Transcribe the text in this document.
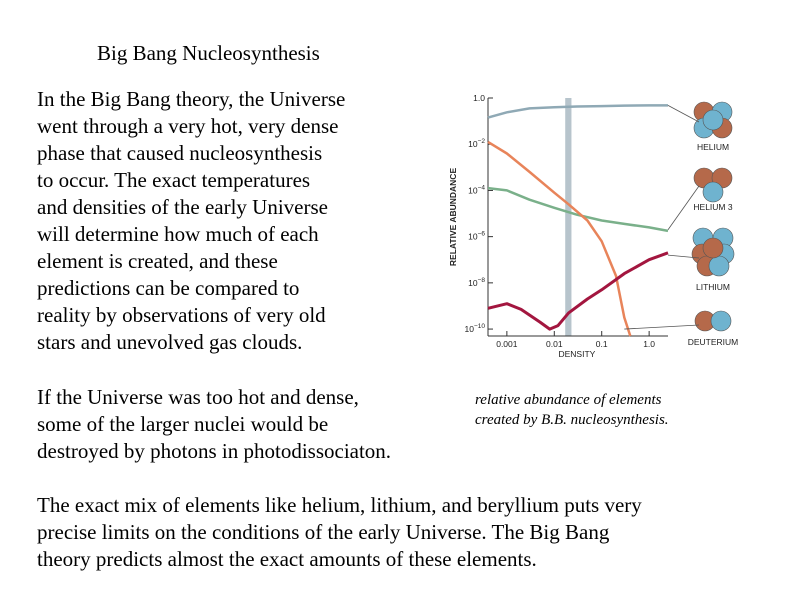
Big Bang Nucleosynthesis
In the Big Bang theory, the Universe
went through a very hot, very dense
phase that caused nucleosynthesis
to occur. The exact temperatures
and densities of the early Universe
will determine how much of each
element is created, and these
predictions can be compared to
reality by observations of very old
stars and unevolved gas clouds.
If the Universe was too hot and dense,
some of the larger nuclei would be
destroyed by photons in photodissociaton.
The exact mix of elements like helium, lithium, and beryllium puts very
precise limits on the conditions of the early Universe. The Big Bang
theory predicts almost the exact amounts of these elements.
1.0
$10^{-2}$
$10^{-4}$
$10^{-6}$
$10^{-8}$
$10^{-10}$
0.001	0.01	0.1	1.0
DENSITY
RELATIVE ABUNDANCE
HELIUM
HELIUM 3
LITHIUM
DEUTERIUM
relative abundance of elements
created by B.B. nucleosynthesis.
